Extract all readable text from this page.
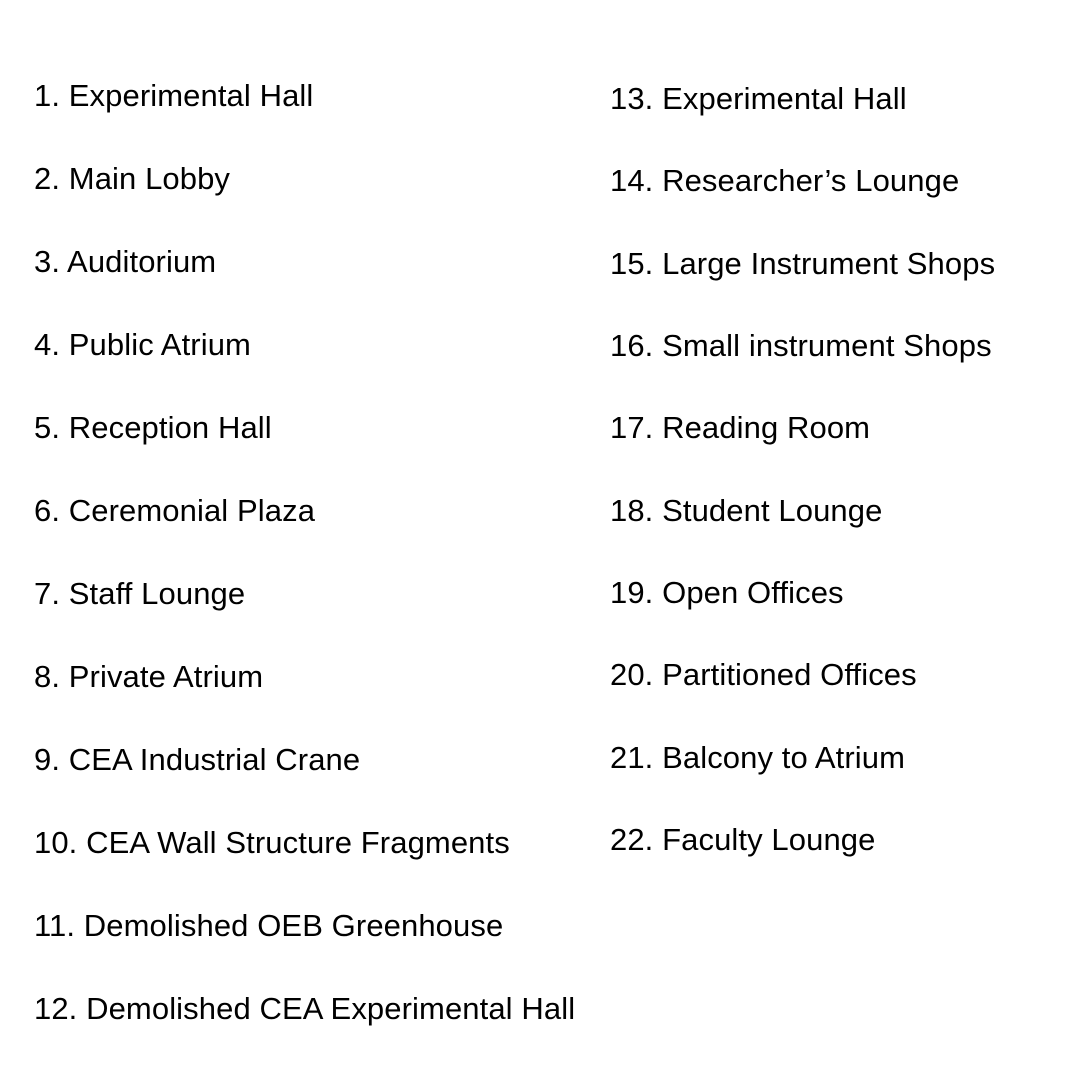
1. Experimental Hall
2. Main Lobby
3. Auditorium
4. Public Atrium
5. Reception Hall
6. Ceremonial Plaza
7. Staff Lounge
8. Private Atrium
9. CEA Industrial Crane
10. CEA Wall Structure Fragments
11. Demolished OEB Greenhouse
12. Demolished CEA Experimental Hall
13. Experimental Hall
14. Researcher’s Lounge
15. Large Instrument Shops
16. Small instrument Shops
17. Reading Room
18. Student Lounge
19. Open Offices
20. Partitioned Offices
21. Balcony to Atrium
22. Faculty Lounge
